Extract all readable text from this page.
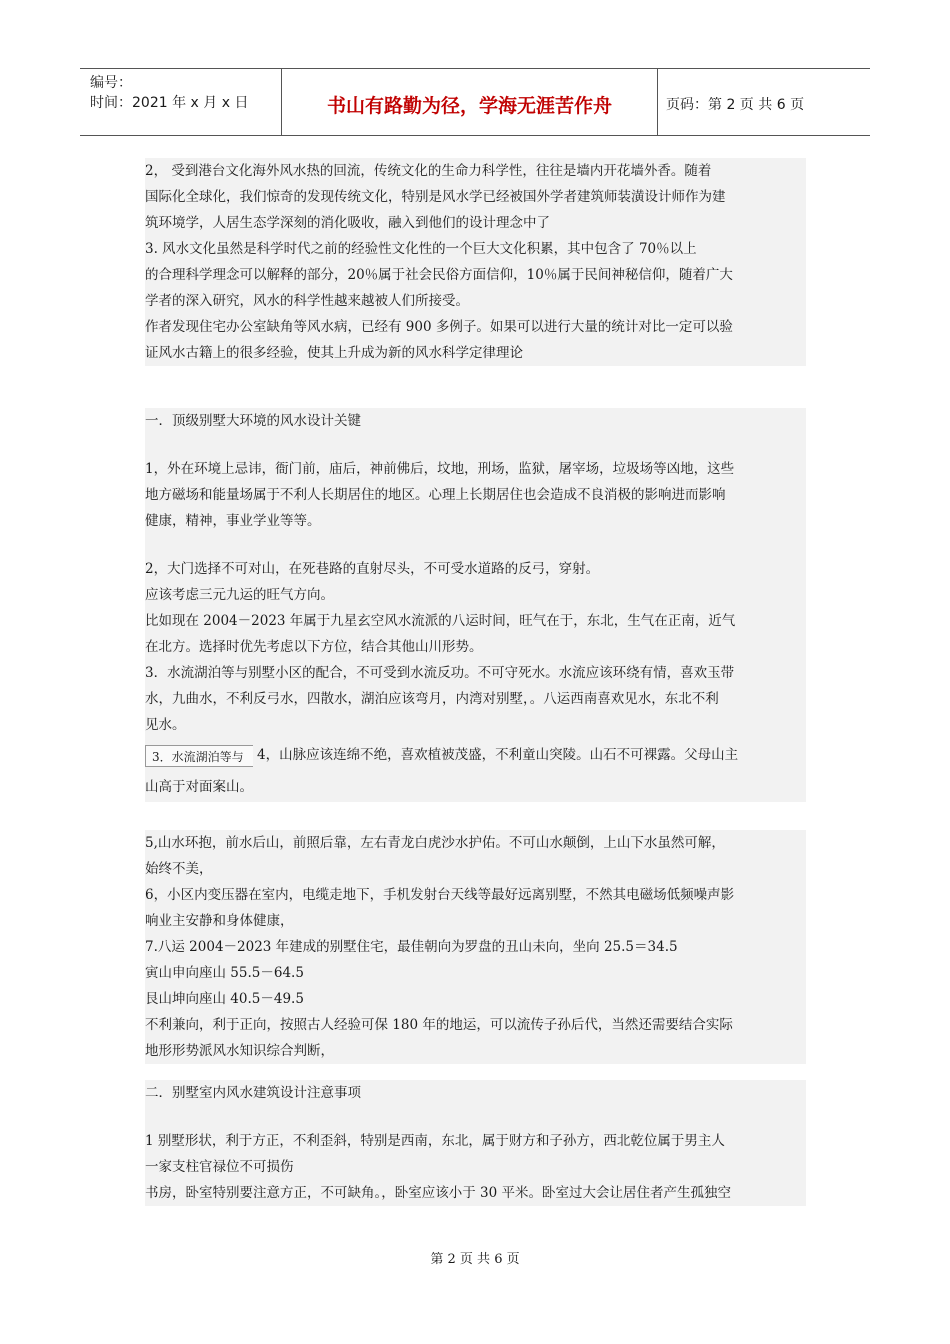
编号：
时间：2021 年 x 月 x 日	书山有路勤为径，学海无涯苦作舟	页码：第 2 页 共 6 页
2， 受到港台文化海外风水热的回流，传统文化的生命力科学性，往往是墙内开花墙外香。随着
国际化全球化，我们惊奇的发现传统文化，特别是风水学已经被国外学者建筑师装潢设计师作为建
筑环境学，人居生态学深刻的消化吸收，融入到他们的设计理念中了
3. 风水文化虽然是科学时代之前的经验性文化性的一个巨大文化积累，其中包含了 70％以上
的合理科学理念可以解释的部分，20％属于社会民俗方面信仰，10％属于民间神秘信仰，随着广大
学者的深入研究，风水的科学性越来越被人们所接受。
作者发现住宅办公室缺角等风水病，已经有 900 多例子。如果可以进行大量的统计对比一定可以验
证风水古籍上的很多经验，使其上升成为新的风水科学定律理论
一．顶级别墅大环境的风水设计关键
1，外在环境上忌讳，衙门前，庙后，神前佛后，坟地，刑场，监狱，屠宰场，垃圾场等凶地，这些
地方磁场和能量场属于不利人长期居住的地区。心理上长期居住也会造成不良消极的影响进而影响
健康，精神，事业学业等等。
2，大门选择不可对山，在死巷路的直射尽头，不可受水道路的反弓，穿射。
应该考虑三元九运的旺气方向。
比如现在 2004－2023 年属于九星玄空风水流派的八运时间，旺气在于，东北，生气在正南，近气
在北方。选择时优先考虑以下方位，结合其他山川形势。
3．水流湖泊等与别墅小区的配合，不可受到水流反功。不可守死水。水流应该环绕有情，喜欢玉带
水，九曲水，不利反弓水，四散水，湖泊应该弯月，内湾对别墅，。八运西南喜欢见水，东北不利
见水。
3．水流湖泊等与 4，山脉应该连绵不绝，喜欢植被茂盛，不利童山突陵。山石不可裸露。父母山主
山高于对面案山。
5,山水环抱，前水后山，前照后靠，左右青龙白虎沙水护佑。不可山水颠倒，上山下水虽然可解，
始终不美，
6，小区内变压器在室内，电缆走地下，手机发射台天线等最好远离别墅，不然其电磁场低频噪声影
响业主安静和身体健康，
7.八运 2004－2023 年建成的别墅住宅，最佳朝向为罗盘的丑山未向，坐向 25.5＝34.5
寅山申向座山 55.5－64.5
艮山坤向座山 40.5－49.5
不利兼向，利于正向，按照古人经验可保 180 年的地运，可以流传子孙后代，当然还需要结合实际
地形形势派风水知识综合判断，
二．别墅室内风水建筑设计注意事项
1 别墅形状，利于方正，不利歪斜，特别是西南，东北，属于财方和子孙方，西北乾位属于男主人
一家支柱官禄位不可损伤
书房，卧室特别要注意方正，不可缺角。，卧室应该小于 30 平米。卧室过大会让居住者产生孤独空
第 2 页 共 6 页
